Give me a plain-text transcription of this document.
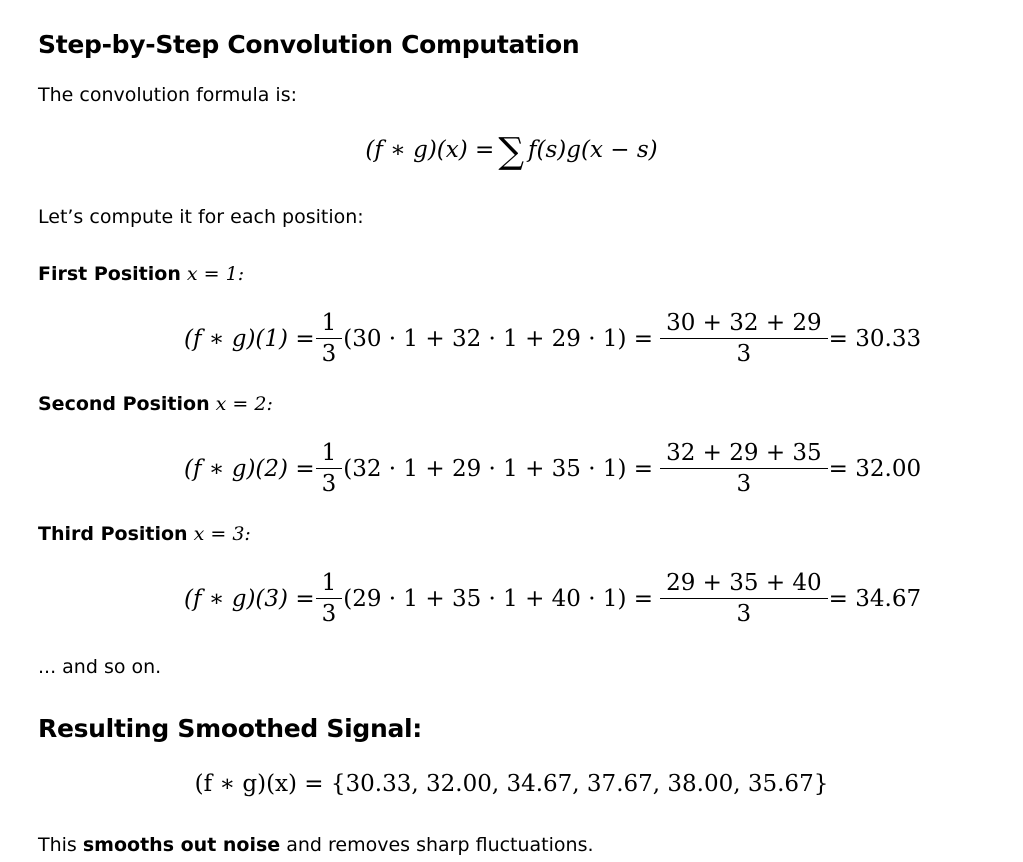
Step-by-Step Convolution Computation

The convolution formula is:

(f ∗ g)(x) = ∑ f(s)g(x − s)

Let’s compute it for each position:

First Position x = 1:

(f ∗ $g)(1) = \frac{1}{3} (30 \cdot 1 + 32 \cdot 1 + 29 \cdot 1) = \frac{30 + 32 + 29}{3} = 30.33$

Second Position x = 2:

(f ∗ $g)(2) = \frac{1}{3} (32 \cdot 1 + 29 \cdot 1 + 35 \cdot 1) = \frac{32 + 29 + 35}{3} = 32.00$

Third Position x = 3:

(f ∗ $g)(3) = \frac{1}{3} (29 \cdot 1 + 35 \cdot 1 + 40 \cdot 1) = \frac{29 + 35 + 40}{3} = 34.67$

... and so on.

Resulting Smoothed Signal:
(f ∗ g)(x) = {30.33, 32.00, 34.67, 37.67, 38.00, 35.67}

This smooths out noise and removes sharp fluctuations.
